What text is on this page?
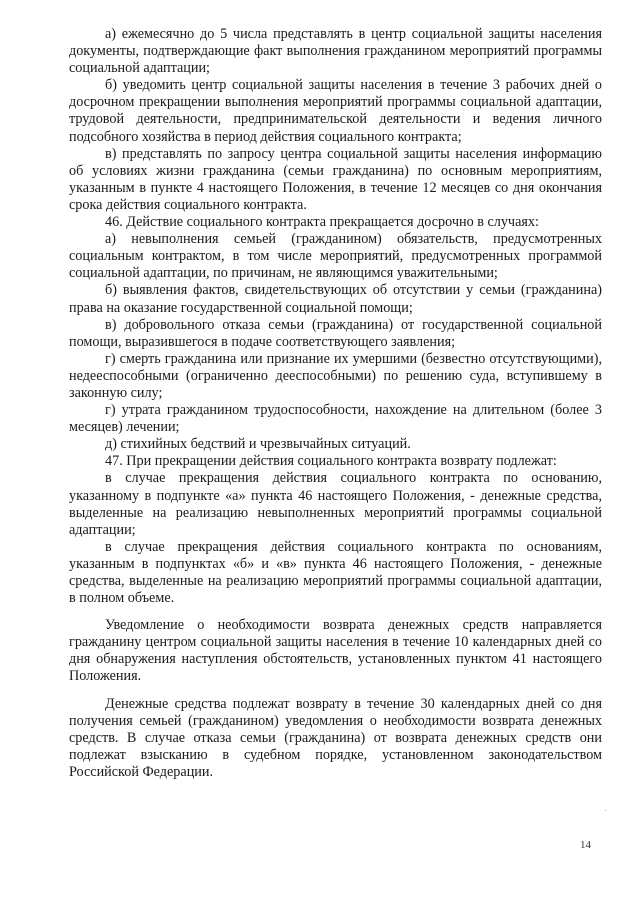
а) ежемесячно до 5 числа представлять в центр социальной защиты населения документы, подтверждающие факт выполнения гражданином мероприятий программы социальной адаптации;

б) уведомить центр социальной защиты населения в течение 3 рабочих дней о досрочном прекращении выполнения мероприятий программы социальной адаптации, трудовой деятельности, предпринимательской деятельности и ведения личного подсобного хозяйства в период действия социального контракта;

в) представлять по запросу центра социальной защиты населения информацию об условиях жизни гражданина (семьи гражданина) по основным мероприятиям, указанным в пункте 4 настоящего Положения, в течение 12 месяцев со дня окончания срока действия социального контракта.

46. Действие социального контракта прекращается досрочно в случаях:

а) невыполнения семьей (гражданином) обязательств, предусмотренных социальным контрактом, в том числе мероприятий, предусмотренных программой социальной адаптации, по причинам, не являющимся уважительными;

б) выявления фактов, свидетельствующих об отсутствии у семьи (гражданина) права на оказание государственной социальной помощи;

в) добровольного отказа семьи (гражданина) от государственной социальной помощи, выразившегося в подаче соответствующего заявления;

г) смерть гражданина или признание их умершими (безвестно отсутствующими), недееспособными (ограниченно дееспособными) по решению суда, вступившему в законную силу;

г) утрата гражданином трудоспособности, нахождение на длительном (более 3 месяцев) лечении;

д) стихийных бедствий и чрезвычайных ситуаций.

47. При прекращении действия социального контракта возврату подлежат:

в случае прекращения действия социального контракта по основанию, указанному в подпункте «а» пункта 46 настоящего Положения, - денежные средства, выделенные на реализацию невыполненных мероприятий программы социальной адаптации;

в случае прекращения действия социального контракта по основаниям, указанным в подпунктах «б» и «в» пункта 46 настоящего Положения, - денежные средства, выделенные на реализацию мероприятий программы социальной адаптации, в полном объеме.

Уведомление о необходимости возврата денежных средств направляется гражданину центром социальной защиты населения в течение 10 календарных дней со дня обнаружения наступления обстоятельств, установленных пунктом 41 настоящего Положения.

Денежные средства подлежат возврату в течение 30 календарных дней со дня получения семьей (гражданином) уведомления о необходимости возврата денежных средств. В случае отказа семьи (гражданина) от возврата денежных средств они подлежат взысканию в судебном порядке, установленном законодательством Российской Федерации.

·
14
